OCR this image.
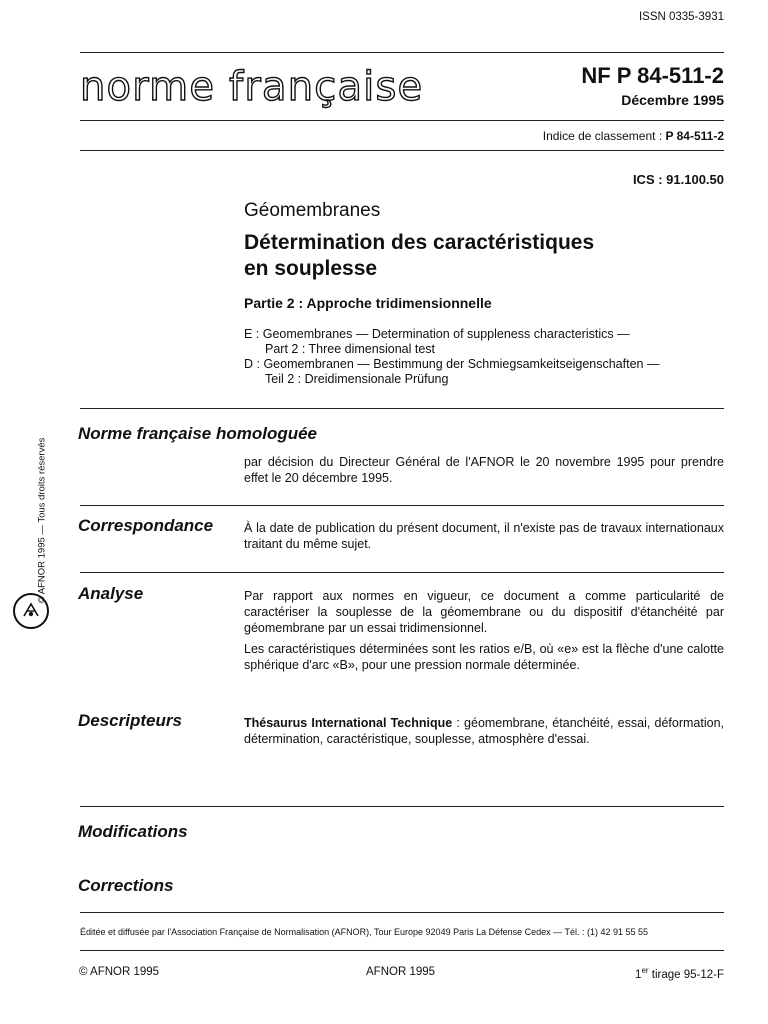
ISSN 0335-3931
norme française	NF P 84-511-2
Décembre 1995
Indice de classement : P 84-511-2
ICS : 91.100.50
Géomembranes
Détermination des caractéristiques
en souplesse
Partie 2 : Approche tridimensionnelle
E : Geomembranes — Determination of suppleness characteristics —
Part 2 : Three dimensional test
D : Geomembranen — Bestimmung der Schmiegsamkeitseigenschaften —
Teil 2 : Dreidimensionale Prüfung
© AFNOR 1995 — Tous droits réservés
Norme française homologuée
par décision du Directeur Général de l'AFNOR le 20 novembre 1995 pour prendre effet le 20 décembre 1995.
Correspondance À la date de publication du présent document, il n'existe pas de travaux internationaux traitant du même sujet.
Analyse	Par rapport aux normes en vigueur, ce document a comme particularité de caractériser la souplesse de la géomembrane ou du dispositif d'étanchéité par géomembrane par un essai tridimensionnel.

Les caractéristiques déterminées sont les ratios e/B, où «e» est la flèche d'une calotte sphérique d'arc «B», pour une pression normale déterminée.

Descripteurs	Thésaurus International Technique : géomembrane, étanchéité, essai, déformation, détermination, caractéristique, souplesse, atmosphère d'essai.
Modifications
Corrections
Éditée et diffusée par l'Association Française de Normalisation (AFNOR), Tour Europe 92049 Paris La Défense Cedex — Tél. : (1) 42 91 55 55
© AFNOR 1995	AFNOR 1995	1er tirage 95-12-F
